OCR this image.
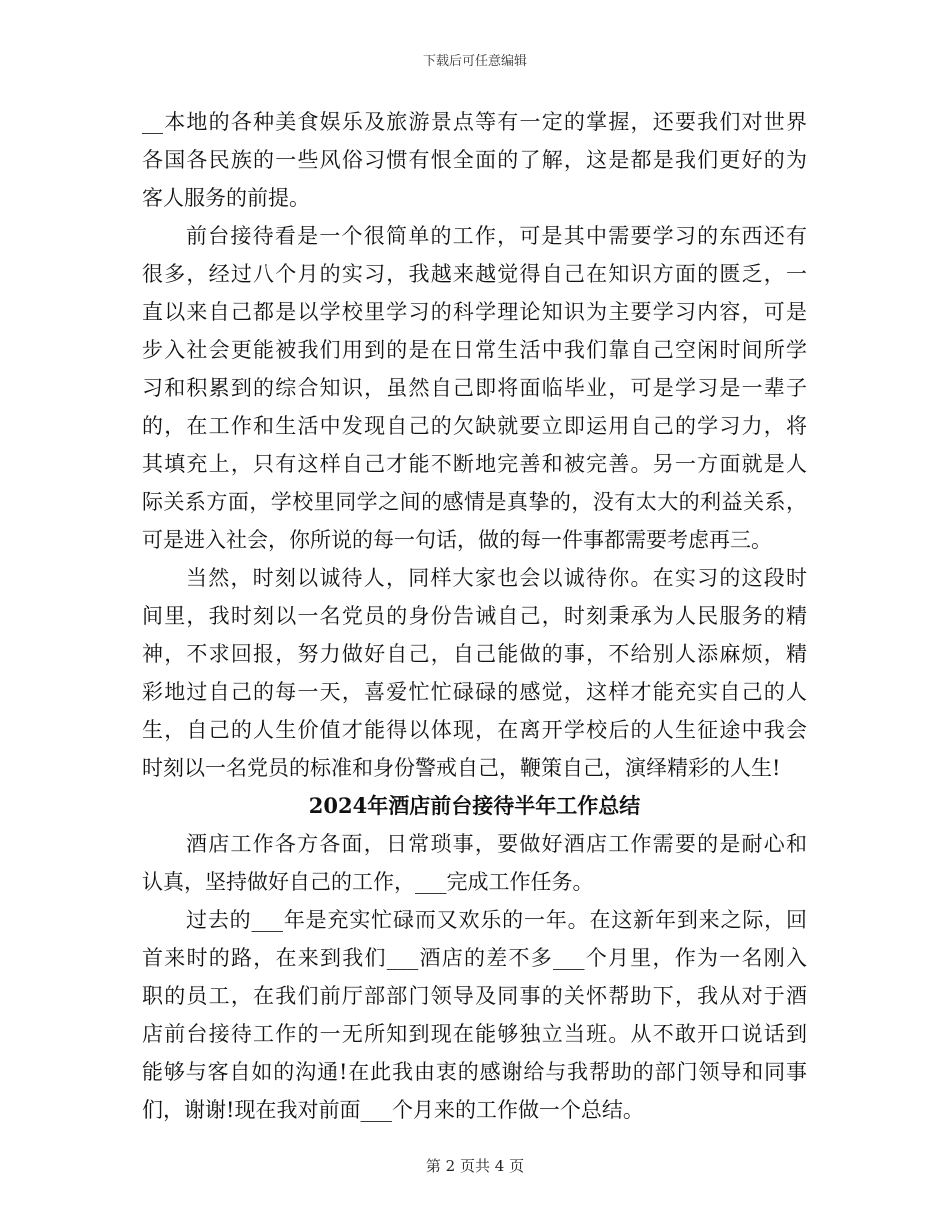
下载后可任意编辑
__本地的各种美食娱乐及旅游景点等有一定的掌握，还要我们对世界
各国各民族的一些风俗习惯有恨全面的了解，这是都是我们更好的为
客人服务的前提。
前台接待看是一个很简单的工作，可是其中需要学习的东西还有
很多，经过八个月的实习，我越来越觉得自己在知识方面的匮乏，一
直以来自己都是以学校里学习的科学理论知识为主要学习内容，可是
步入社会更能被我们用到的是在日常生活中我们靠自己空闲时间所学
习和积累到的综合知识，虽然自己即将面临毕业，可是学习是一辈子
的，在工作和生活中发现自己的欠缺就要立即运用自己的学习力，将
其填充上，只有这样自己才能不断地完善和被完善。另一方面就是人
际关系方面，学校里同学之间的感情是真挚的，没有太大的利益关系，
可是进入社会，你所说的每一句话，做的每一件事都需要考虑再三。
当然，时刻以诚待人，同样大家也会以诚待你。在实习的这段时
间里，我时刻以一名党员的身份告诫自己，时刻秉承为人民服务的精
神，不求回报，努力做好自己，自己能做的事，不给别人添麻烦，精
彩地过自己的每一天，喜爱忙忙碌碌的感觉，这样才能充实自己的人
生，自己的人生价值才能得以体现，在离开学校后的人生征途中我会
时刻以一名党员的标准和身份警戒自己，鞭策自己，演绎精彩的人生!
2024年酒店前台接待半年工作总结
酒店工作各方各面，日常琐事，要做好酒店工作需要的是耐心和
认真，坚持做好自己的工作，___完成工作任务。
过去的___年是充实忙碌而又欢乐的一年。在这新年到来之际，回
首来时的路，在来到我们___酒店的差不多___个月里，作为一名刚入
职的员工，在我们前厅部部门领导及同事的关怀帮助下，我从对于酒
店前台接待工作的一无所知到现在能够独立当班。从不敢开口说话到
能够与客自如的沟通!在此我由衷的感谢给与我帮助的部门领导和同事
们，谢谢!现在我对前面___个月来的工作做一个总结。
第 2 页共 4 页
